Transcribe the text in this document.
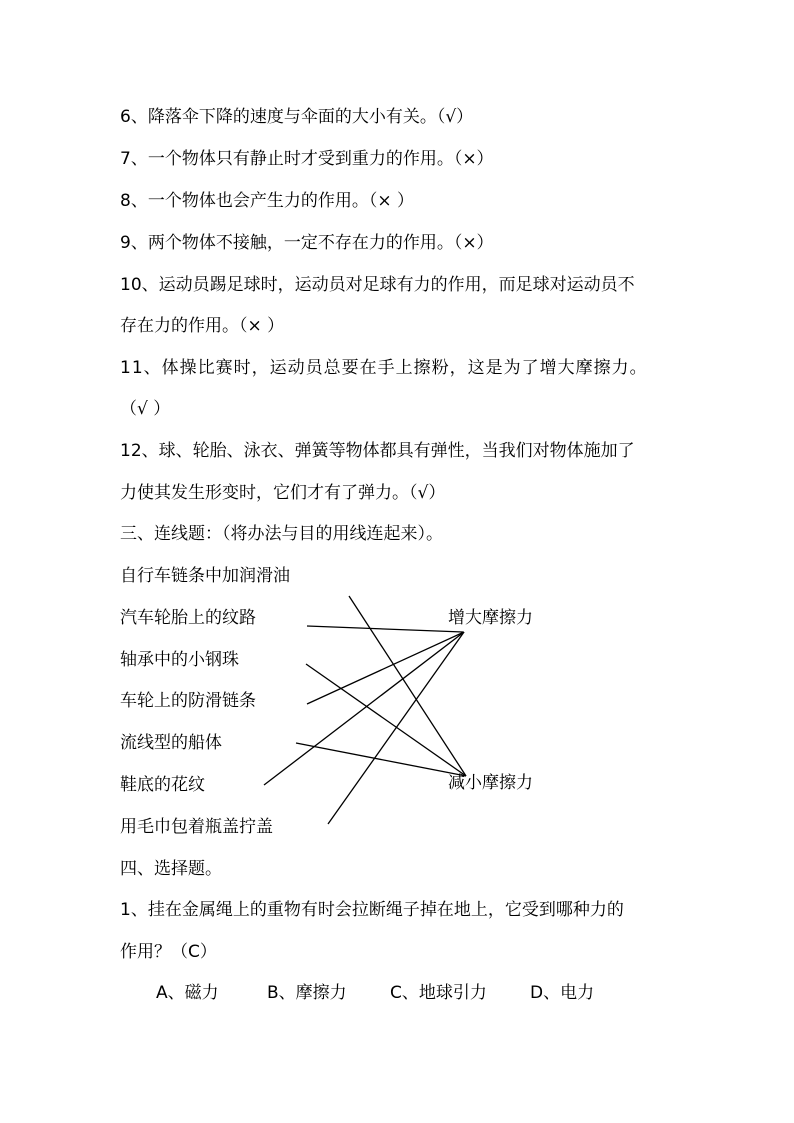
6、降落伞下降的速度与伞面的大小有关。（√）
7、一个物体只有静止时才受到重力的作用。（×）
8、一个物体也会产生力的作用。（× ）
9、两个物体不接触，一定不存在力的作用。（×）
10、运动员踢足球时，运动员对足球有力的作用，而足球对运动员不
存在力的作用。（× ）
11、体操比赛时，运动员总要在手上擦粉，这是为了增大摩擦力。
（√ ）
12、球、轮胎、泳衣、弹簧等物体都具有弹性，当我们对物体施加了
力使其发生形变时，它们才有了弹力。（√）
三、连线题：（将办法与目的用线连起来）。
自行车链条中加润滑油
汽车轮胎上的纹路
轴承中的小钢珠
车轮上的防滑链条
流线型的船体
鞋底的花纹
用毛巾包着瓶盖拧盖
增大摩擦力
减小摩擦力
四、选择题。
1、挂在金属绳上的重物有时会拉断绳子掉在地上，它受到哪种力的
作用？（C）
A、磁力	B、摩擦力	C、地球引力	D、电力
